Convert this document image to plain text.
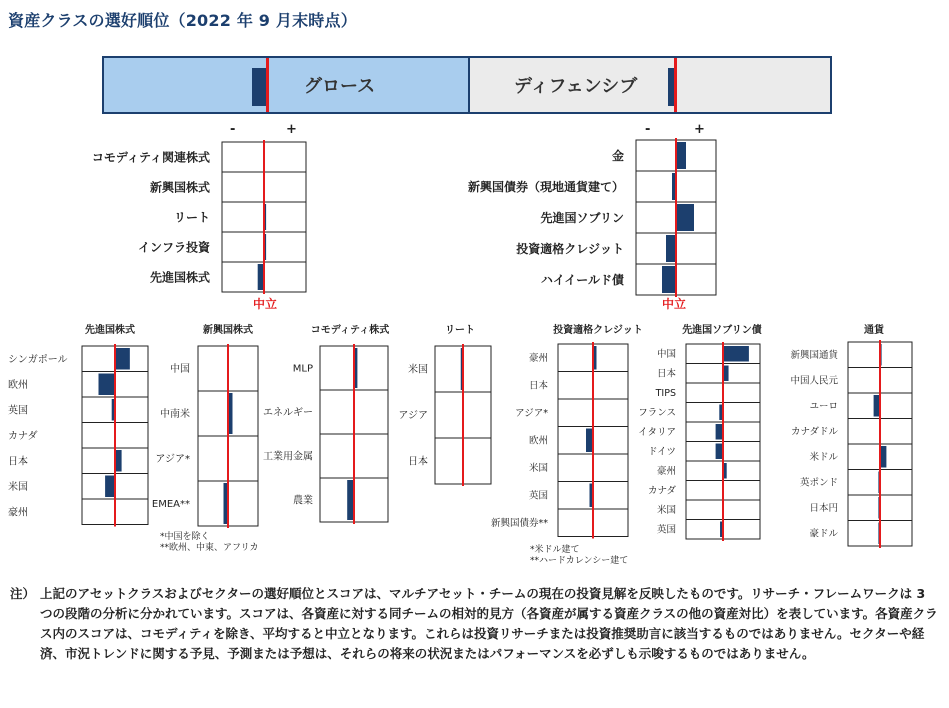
資産クラスの選好順位（2022 年 9 月末時点）
グロース	ディフェンシブ
コモディティ関連株式
新興国株式
リート
インフラ投資
先進国株式
金
新興国債券（現地通貨建て）
先進国ソブリン
投資適格クレジット
ハイイールド債
先進国株式
シンガポール
欧州
英国
カナダ
日本
米国
豪州
新興国株式
中国
中南米
アジア*
EMEA**
コモディティ株式
MLP
エネルギー
工業用金属
農業
リート
米国
アジア
日本
投資適格クレジット
豪州
日本
アジア*
欧州
米国
英国
新興国債券**
先進国ソブリン債
中国
日本
TIPS
フランス
イタリア
ドイツ
豪州
カナダ
米国
英国
通貨
新興国通貨
中国人民元
ユーロ
カナダドル
米ドル
英ポンド
日本円
豪ドル
-	+
中立
-	+
中立
*中国を除く
**欧州、中東、アフリカ	*米ドル建て
**ハードカレンシー建て
注） 上記のアセットクラスおよびセクターの選好順位とスコアは、マルチアセット・チームの現在の投資見解を反映したものです。リサーチ・フレームワークは 3 つの段階の分析に分かれています。スコアは、各資産に対する同チームの相対的見方（各資産が属する資産クラスの他の資産対比）を表しています。各資産クラス内のスコアは、コモディティを除き、平均すると中立となります。これらは投資リサーチまたは投資推奨助言に該当するものではありません。セクターや経済、市況トレンドに関する予見、予測または予想は、それらの将来の状況またはパフォーマンスを必ずしも示唆するものではありません。
